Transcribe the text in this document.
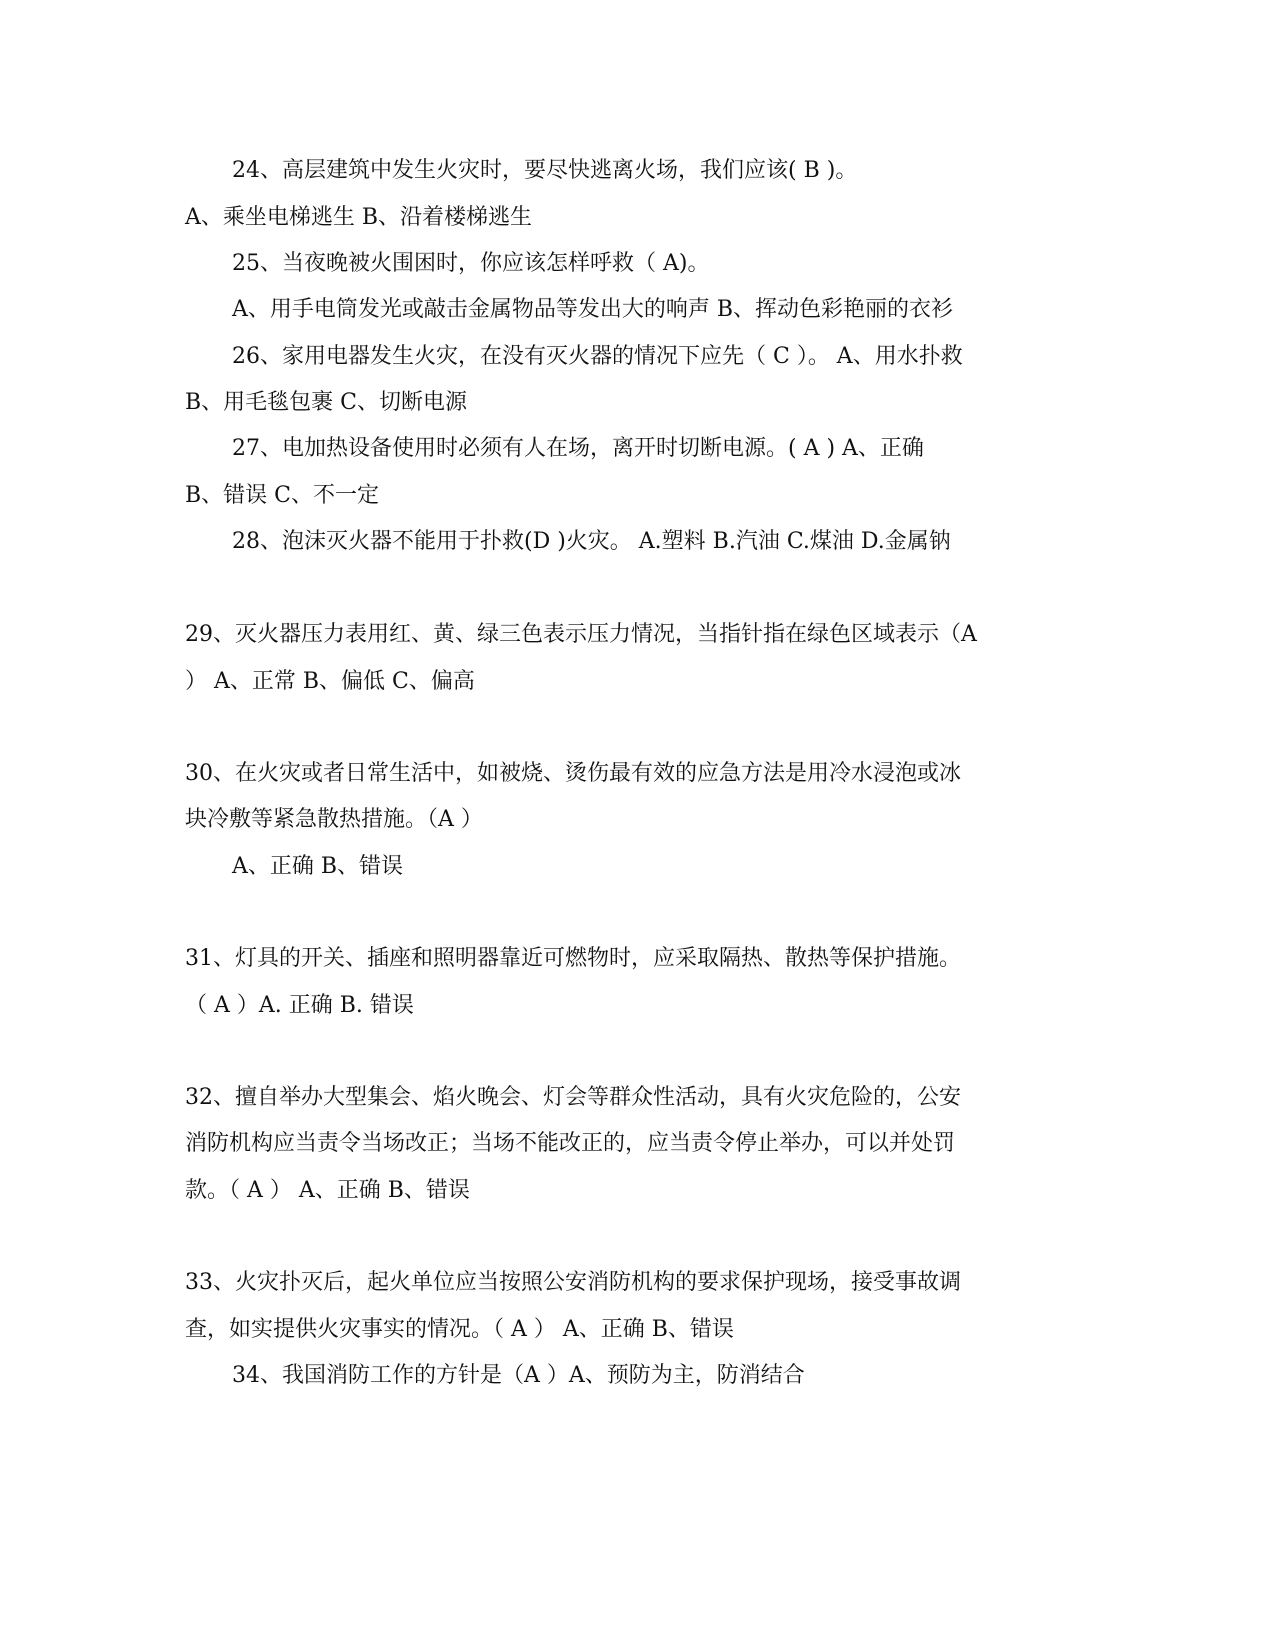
24、高层建筑中发生火灾时，要尽快逃离火场，我们应该( B )。
A、乘坐电梯逃生 B、沿着楼梯逃生
25、当夜晚被火围困时，你应该怎样呼救（ A)。
A、用手电筒发光或敲击金属物品等发出大的响声 B、挥动色彩艳丽的衣衫
26、家用电器发生火灾，在没有灭火器的情况下应先（ C ）。 A、用水扑救
B、用毛毯包裹 C、切断电源
27、电加热设备使用时必须有人在场，离开时切断电源。( A ) A、正确
B、错误 C、不一定
28、泡沫灭火器不能用于扑救(D )火灾。 A.塑料 B.汽油 C.煤油 D.金属钠
29、灭火器压力表用红、黄、绿三色表示压力情况，当指针指在绿色区域表示（A
） A、正常 B、偏低 C、偏高
30、在火灾或者日常生活中，如被烧、烫伤最有效的应急方法是用冷水浸泡或冰
块冷敷等紧急散热措施。（A ）
A、正确 B、错误
31、灯具的开关、插座和照明器靠近可燃物时，应采取隔热、散热等保护措施。
（ A ）A. 正确 B. 错误
32、擅自举办大型集会、焰火晚会、灯会等群众性活动，具有火灾危险的，公安
消防机构应当责令当场改正；当场不能改正的，应当责令停止举办，可以并处罚
款。（ A ） A、正确 B、错误
33、火灾扑灭后，起火单位应当按照公安消防机构的要求保护现场，接受事故调
查，如实提供火灾事实的情况。（ A ） A、正确 B、错误
34、我国消防工作的方针是（A ）A、预防为主，防消结合
